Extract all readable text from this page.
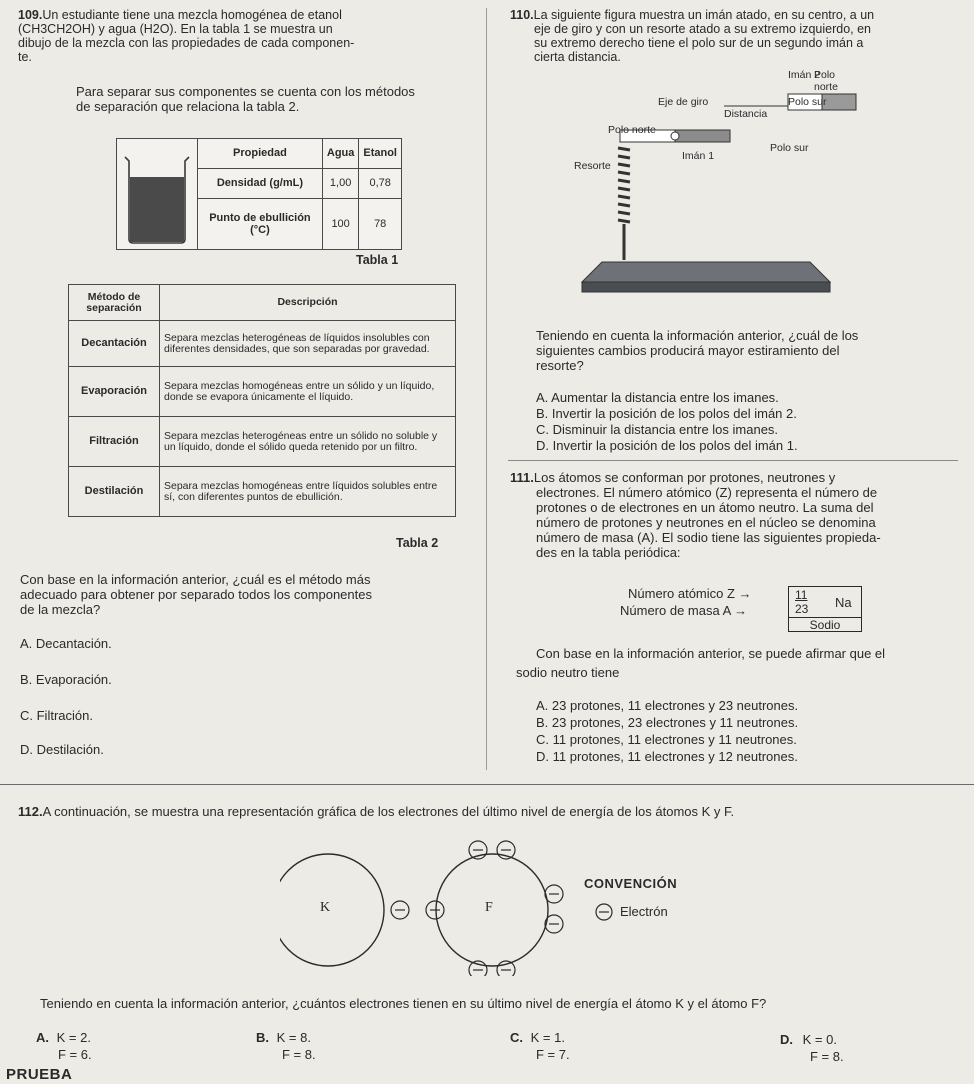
109.Un estudiante tiene una mezcla homogénea de etanol
(CH3CH2OH) y agua (H2O). En la tabla 1 se muestra un
dibujo de la mezcla con las propiedades de cada componen-
te.
Para separar sus componentes se cuenta con los métodos
de separación que relaciona la tabla 2.
Propiedad	Agua	Etanol
Densidad (g/mL)	1,00	0,78
Punto de ebullición (°C)	100	78
Tabla 1
Método de separación	Descripción
Decantación	Separa mezclas heterogéneas de líquidos insolubles con diferentes densidades, que son separadas por gravedad.
Evaporación	Separa mezclas homogéneas entre un sólido y un líquido, donde se evapora únicamente el líquido.
Filtración	Separa mezclas heterogéneas entre un sólido no soluble y un líquido, donde el sólido queda retenido por un filtro.
Destilación	Separa mezclas homogéneas entre líquidos solubles entre sí, con diferentes puntos de ebullición.
Tabla 2
Con base en la información anterior, ¿cuál es el método más
adecuado para obtener por separado todos los componentes
de la mezcla?
A. Decantación.
B. Evaporación.
C. Filtración.
D. Destilación.
110.La siguiente figura muestra un imán atado, en su centro, a un
eje de giro y con un resorte atado a su extremo izquierdo, en
su extremo derecho tiene el polo sur de un segundo imán a
cierta distancia.
Imán 2
Polo norte
Eje de giro
Distancia
Polo sur
Polo norte
Imán 1
Polo sur
Resorte
Teniendo en cuenta la información anterior, ¿cuál de los
siguientes cambios producirá mayor estiramiento del
resorte?
A. Aumentar la distancia entre los imanes.
B. Invertir la posición de los polos del imán 2.
C. Disminuir la distancia entre los imanes.
D. Invertir la posición de los polos del imán 1.
111.Los átomos se conforman por protones, neutrones y
electrones. El número atómico (Z) representa el número de
protones o de electrones en un átomo neutro. La suma del
número de protones y neutrones en el núcleo se denomina
número de masa (A). El sodio tiene las siguientes propieda-
des en la tabla periódica:
Número atómico Z →
Número de masa A →
11
23 Na
Sodio
Con base en la información anterior, se puede afirmar que el
sodio neutro tiene
A. 23 protones, 11 electrones y 23 neutrones.
B. 23 protones, 23 electrones y 11 neutrones.
C. 11 protones, 11 electrones y 11 neutrones.
D. 11 protones, 11 electrones y 12 neutrones.
112.A continuación, se muestra una representación gráfica de los electrones del último nivel de energía de los átomos K y F.
K	F
CONVENCIÓN
Electrón
Teniendo en cuenta la información anterior, ¿cuántos electrones tienen en su último nivel de energía el átomo K y el átomo F?
A. K = 2.
F = 6.
B. K = 8.
F = 8.
C. K = 1.
F = 7.
D. K = 0.
F = 8.
PRUEBA
